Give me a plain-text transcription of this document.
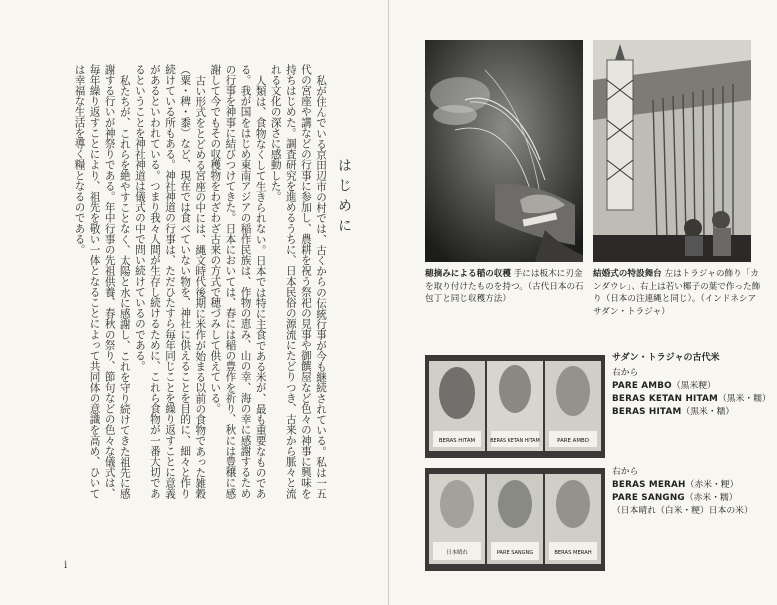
はじめに

私が住んでいる京田辺市の村では、古くからの伝統行事が今も継続されている。私は一五代の宮座や講などの行事に参加し、農耕を祝う祭祀の見事や御饌屋など色々の神事に興味を持ちはじめた。調査研究を進めるうちに、日本民俗の源流にたどりつき、古来から脈々と流れる文化の深さに感動した。

人類は、食物なくして生きられない。日本では特に主食である米が、最も重要なものである。我が国をはじめ東南アジアの稲作民族は、作物の恵み、山の幸、海の幸に感謝するための行事を神事に結びつけてきた。日本においては、春には稲の豊作を祈り、秋には豊穣に感謝して今でもその収穫物をわざわざ古来の方式で穂づみして供えている。

古い形式をとどめる宮座の中には、縄文時代後期に米作が始まる以前の食物であった雑穀（粟・稗・黍）など、現在では食べていない物を、神社に供えることを目的に、細々と作り続けている所もある。神社神道の行事は、ただひたすら毎年同じことを繰り返すことに意義があるといわれている。つまり我々人間が生存し続けるために、これら食物が一番大切であるということを神社神道は儀式の中で問い続けているのである。

私たちが、これらを絶やすことなく、太陽と水に感謝し、これを守り続けてきた祖先に感謝する行いが神祭りである。年中行事の先祖供養、春秋の祭り、節句などの色々な儀式は、毎年繰り返すことにより、祖先を敬い一体となることによって共同体の意識を高め、ひいては幸福な生活を導く糧となるのである。

i
穂摘みによる稲の収穫 手には板木に刃金を取り付けたものを持つ。（古代日本の石包丁と同じ収穫方法）
結婚式の特設舞台 左はトラジャの飾り「カンダウレ」、右上は若い椰子の葉で作った飾り（日本の注連縄と同じ）。（インドネシア　サダン・トラジャ）
BERAS HITAM	BERAS KETAN HITAM	PARE AMBO
サダン・トラジャの古代米
右から
PARE AMBO（黒米粳）
BERAS KETAN HITAM（黒米・糯）
BERAS HITAM（黒米・糯）
日本晴れ	PARE SANGNG	BERAS MERAH
右から
BERAS MERAH（赤米・粳）
PARE SANGNG（赤米・糯）
（日本晴れ（白米・粳）日本の米）
